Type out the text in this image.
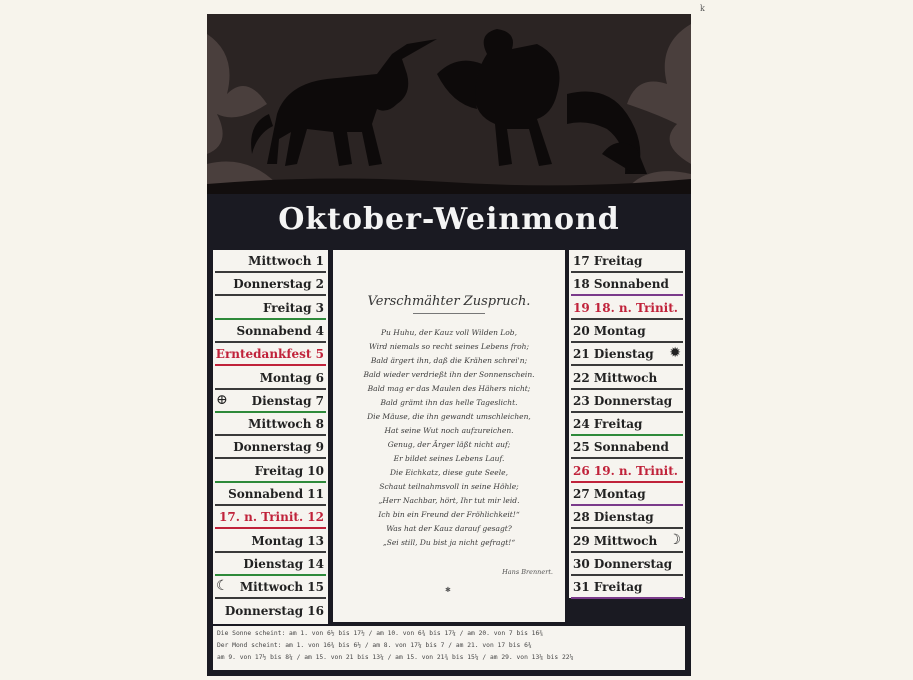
k
Oktober-Weinmond
Mittwoch 1
Donnerstag 2
Freitag 3
Sonnabend 4
Erntedankfest 5
Montag 6
Dienstag 7
⊕
Mittwoch 8
Donnerstag 9
Freitag 10
Sonnabend 11
17. n. Trinit. 12
Montag 13
Dienstag 14
Mittwoch 15
☾
Donnerstag 16
Verschmähter Zuspruch.
Pu Huhu, der Kauz voll Wilden Lob,
Wird niemals so recht seines Lebens froh;
Bald ärgert ihn, daß die Krähen schrei'n;
Bald wieder verdrießt ihn der Sonnenschein.
Bald mag er das Maulen des Hähers nicht;
Bald grämt ihn das helle Tageslicht.
Die Mäuse, die ihn gewandt umschleichen,
Hat seine Wut noch aufzureichen.
Genug, der Ärger läßt nicht auf;
Er bildet seines Lebens Lauf.
Die Eichkatz, diese gute Seele,
Schaut teilnahmsvoll in seine Höhle;
„Herr Nachbar, hört, Ihr tut mir leid.
Ich bin ein Freund der Fröhlichkeit!“
Was hat der Kauz darauf gesagt?
„Sei still, Du bist ja nicht gefragt!“
Hans Brennert.
✱
17 Freitag
18 Sonnabend
19 18. n. Trinit.
20 Montag
21 Dienstag ✹
22 Mittwoch
23 Donnerstag
24 Freitag
25 Sonnabend
26 19. n. Trinit.
27 Montag
28 Dienstag
29 Mittwoch ☽
30 Donnerstag
31 Freitag
Die Sonne scheint: am 1. von 6½ bis 17½ / am 10. von 6¾ bis 17¼ / am 20. von 7 bis 16¾
Der Mond scheint: am 1. von 16¾ bis 6½ / am 8. von 17¼ bis 7 / am 21. von 17 bis 6¾
am 9. von 17½ bis 8¼ / am 15. von 21 bis 13¼ / am 15. von 21¾ bis 15¼ / am 29. von 13¼ bis 22¼
